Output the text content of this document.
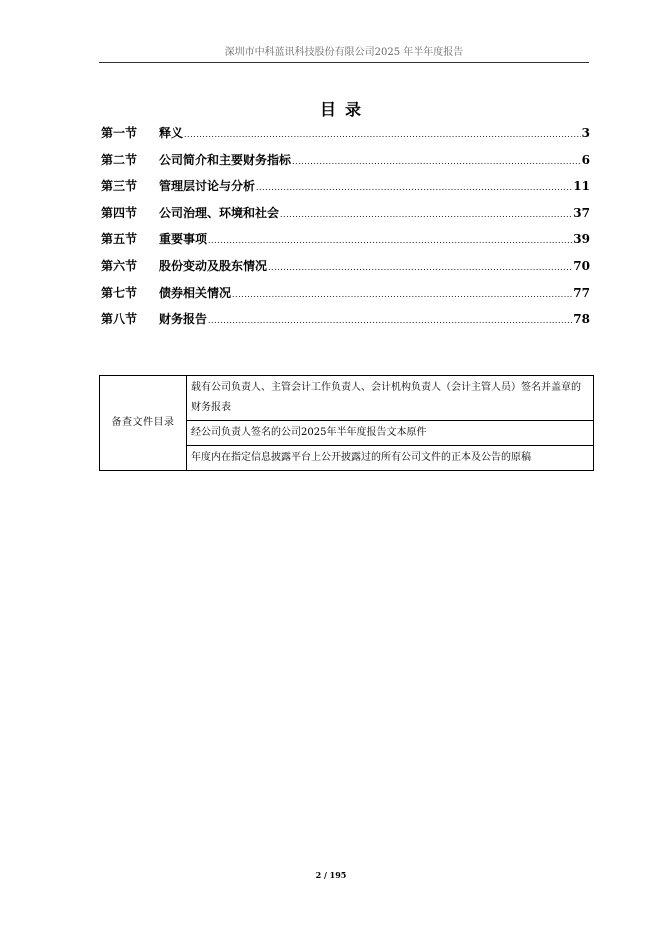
深圳市中科蓝讯科技股份有限公司2025 年半年度报告
目录
第一节	释义 .....	3
第二节	公司简介和主要财务指标 .....	6
第三节	管理层讨论与分析 .....	11
第四节	公司治理、环境和社会 .....	37
第五节	重要事项 .....	39
第六节	股份变动及股东情况 .....	70
第七节	债券相关情况 .....	77
第八节	财务报告 .....	78
备查文件目录	载有公司负责人、主管会计工作负责人、会计机构负责人（会计主管人员）签名并盖章的财务报表
经公司负责人签名的公司2025年半年度报告文本原件
年度内在指定信息披露平台上公开披露过的所有公司文件的正本及公告的原稿
2 / 195
